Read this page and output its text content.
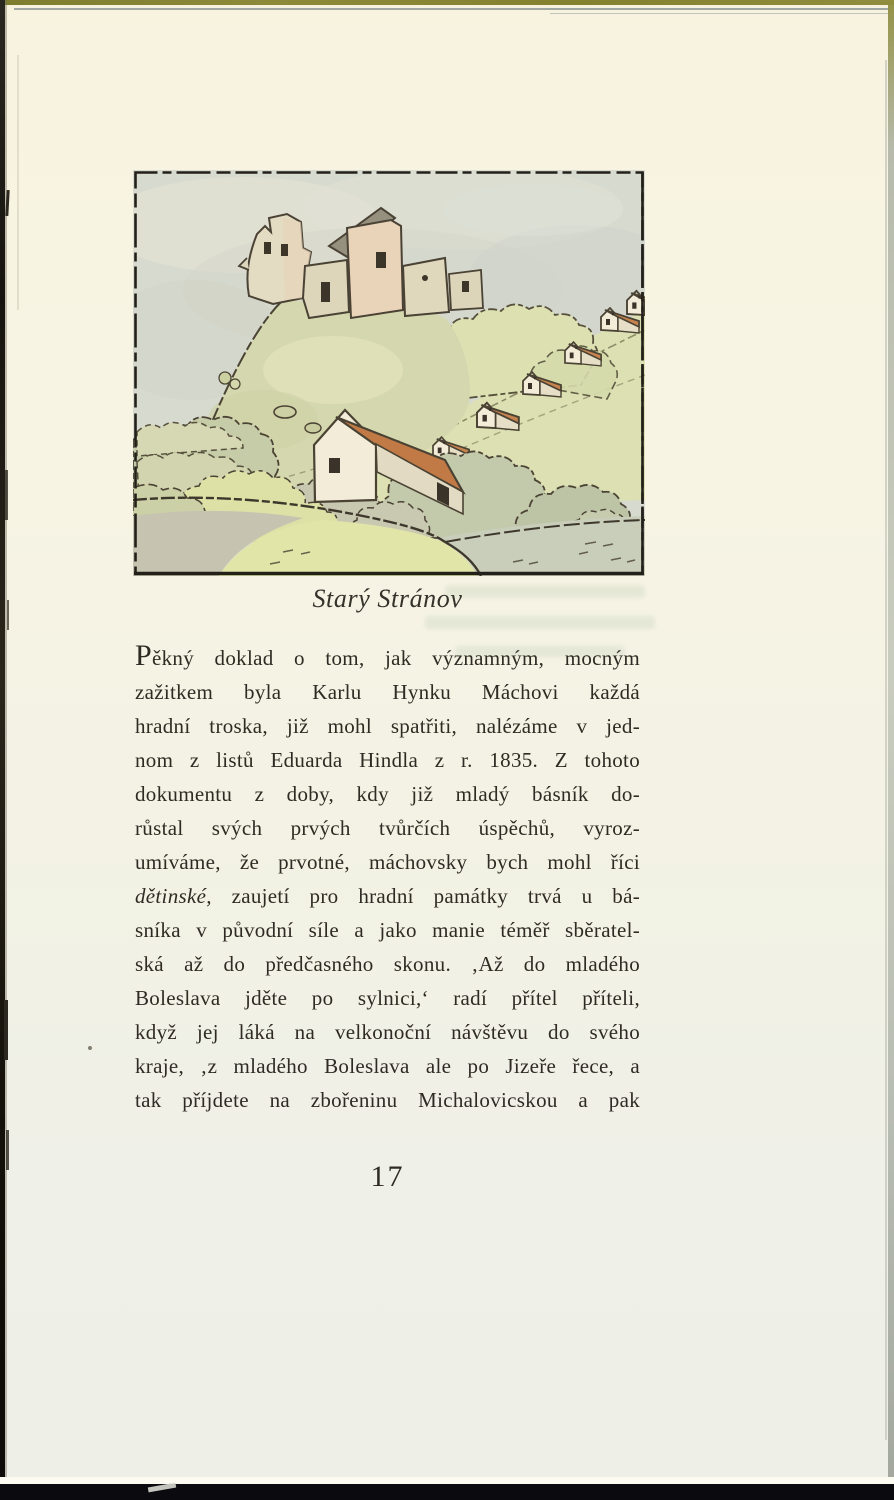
Starý Stránov
Pěkný doklad o tom, jak významným, mocným
zažitkem byla Karlu Hynku Máchovi každá
hradní troska, již mohl spatřiti, nalézáme v jed-
nom z listů Eduarda Hindla z r. 1835. Z tohoto
dokumentu z doby, kdy již mladý básník do-
růstal svých prvých tvůrčích úspěchů, vyroz-
umíváme, že prvotné, máchovsky bych mohl říci
dětinské, zaujetí pro hradní památky trvá u bá-
sníka v původní síle a jako manie téměř sběratel-
ská až do předčasného skonu. ‚Až do mladého
Boleslava jděte po sylnici,‘ radí přítel příteli,
když jej láká na velkonoční návštěvu do svého
kraje, ‚z mladého Boleslava ale po Jizeře řece, a
tak příjdete na zbořeninu Michalovicskou a pak
17
